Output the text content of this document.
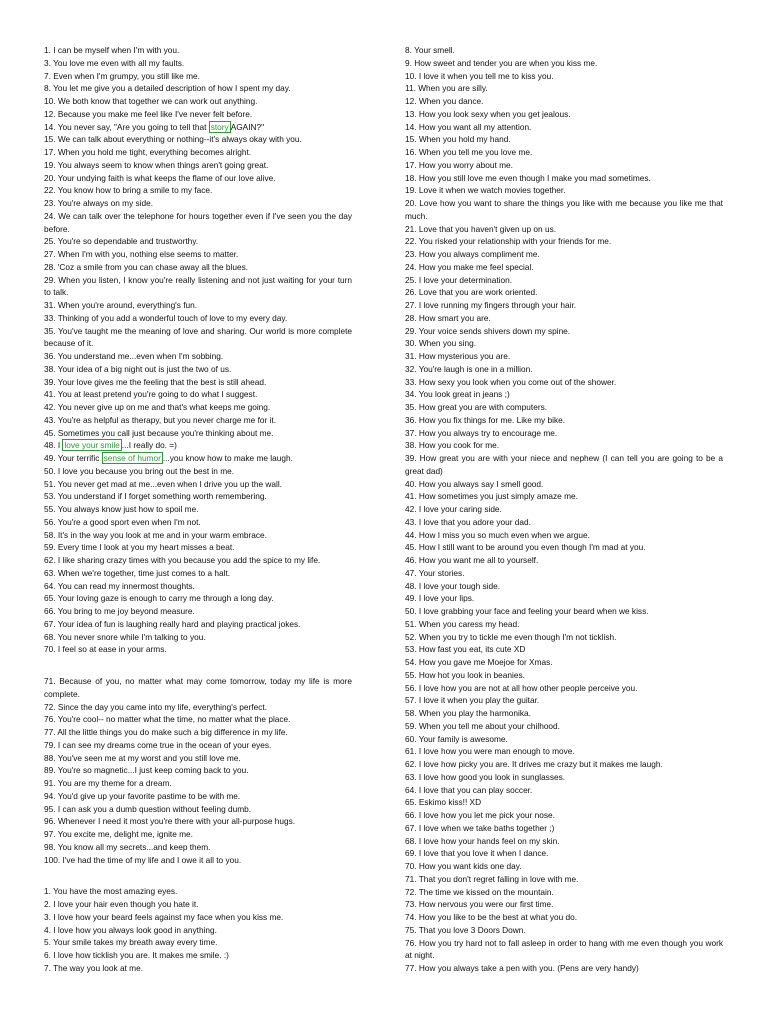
1. I can be myself when I'm with you.
3. You love me even with all my faults.
7. Even when I'm grumpy, you still like me.
8. You let me give you a detailed description of how I spent my day.
10. We both know that together we can work out anything.
12. Because you make me feel like I've never felt before.
14. You never say, "Are you going to tell that story AGAIN?"
15. We can talk about everything or nothing--it's always okay with you.
17. When you hold me tight, everything becomes alright.
19. You always seem to know when things aren't going great.
20. Your undying faith is what keeps the flame of our love alive.
22. You know how to bring a smile to my face.
23. You're always on my side.
24. We can talk over the telephone for hours together even if I've seen you the day before.
25. You're so dependable and trustworthy.
27. When I'm with you, nothing else seems to matter.
28. 'Coz a smile from you can chase away all the blues.
29. When you listen, I know you're really listening and not just waiting for your turn to talk.
31. When you're around, everything's fun.
33. Thinking of you add a wonderful touch of love to my every day.
35. You've taught me the meaning of love and sharing. Our world is more complete because of it.
36. You understand me...even when I'm sobbing.
38. Your idea of a big night out is just the two of us.
39. Your love gives me the feeling that the best is still ahead.
41. You at least pretend you're going to do what I suggest.
42. You never give up on me and that's what keeps me going.
43. You're as helpful as therapy, but you never charge me for it.
45. Sometimes you call just because you're thinking about me.
48. I love your smile ...I really do. =)
49. Your terrific sense of humor ...you know how to make me laugh.
50. I love you because you bring out the best in me.
51. You never get mad at me...even when I drive you up the wall.
53. You understand if I forget something worth remembering.
55. You always know just how to spoil me.
56. You're a good sport even when I'm not.
58. It's in the way you look at me and in your warm embrace.
59. Every time I look at you my heart misses a beat.
62. I like sharing crazy times with you because you add the spice to my life.
63. When we're together, time just comes to a halt.
64. You can read my innermost thoughts.
65. Your loving gaze is enough to carry me through a long day.
66. You bring to me joy beyond measure.
67. Your idea of fun is laughing really hard and playing practical jokes.
68. You never snore while I'm talking to you.
70. I feel so at ease in your arms.
71. Because of you, no matter what may come tomorrow, today my life is more complete.
72. Since the day you came into my life, everything's perfect.
76. You're cool-- no matter what the time, no matter what the place.
77. All the little things you do make such a big difference in my life.
79. I can see my dreams come true in the ocean of your eyes.
88. You've seen me at my worst and you still love me.
89. You're so magnetic...I just keep coming back to you.
91. You are my theme for a dream.
94. You'd give up your favorite pastime to be with me.
95. I can ask you a dumb question without feeling dumb.
96. Whenever I need it most you're there with your all-purpose hugs.
97. You excite me, delight me, ignite me.
98. You know all my secrets...and keep them.
100. I've had the time of my life and I owe it all to you.
1. You have the most amazing eyes.
2. I love your hair even though you hate it.
3. I love how your beard feels against my face when you kiss me.
4. I love how you always look good in anything.
5. Your smile takes my breath away every time.
6. I love how ticklish you are. It makes me smile. :)
7. The way you look at me.
8. Your smell.
9. How sweet and tender you are when you kiss me.
10. I love it when you tell me to kiss you.
11. When you are silly.
12. When you dance.
13. How you look sexy when you get jealous.
14. How you want all my attention.
15. When you hold my hand.
16. When you tell me you love me.
17. How you worry about me.
18. How you still love me even though I make you mad sometimes.
19. Love it when we watch movies together.
20. Love how you want to share the things you like with me because you like me that much.
21. Love that you haven't given up on us.
22. You risked your relationship with your friends for me.
23. How you always compliment me.
24. How you make me feel special.
25. I love your determination.
26. Love that you are work oriented.
27. I love running my fingers through your hair.
28. How smart you are.
29. Your voice sends shivers down my spine.
30. When you sing.
31. How mysterious you are.
32. You're laugh is one in a million.
33. How sexy you look when you come out of the shower.
34. You look great in jeans ;)
35. How great you are with computers.
36. How you fix things for me. Like my bike.
37. How you always try to encourage me.
38. How you cook for me.
39. How great you are with your niece and nephew (I can tell you are going to be a great dad)
40. How you always say I smell good.
41. How sometimes you just simply amaze me.
42. I love your caring side.
43. I love that you adore your dad.
44. How I miss you so much even when we argue.
45. How I still want to be around you even though I'm mad at you.
46. How you want me all to yourself.
47. Your stories.
48. I love your tough side.
49. I love your lips.
50. I love grabbing your face and feeling your beard when we kiss.
51. When you caress my head.
52. When you try to tickle me even though I'm not ticklish.
53. How fast you eat, its cute XD
54. How you gave me Moejoe for Xmas.
55. How hot you look in beanies.
56. I love how you are not at all how other people perceive you.
57. I love it when you play the guitar.
58. When you play the harmonika.
59. When you tell me about your chilhood.
60. Your family is awesome.
61. I love how you were man enough to move.
62. I love how picky you are. It drives me crazy but it makes me laugh.
63. I love how good you look in sunglasses.
64. I love that you can play soccer.
65. Eskimo kiss!! XD
66. I love how you let me pick your nose.
67. I love when we take baths together ;)
68. I love how your hands feel on my skin.
69. I love that you love it when I dance.
70. How you want kids one day.
71. That you don't regret falling in love with me.
72. The time we kissed on the mountain.
73. How nervous you were our first time.
74. How you like to be the best at what you do.
75. That you love 3 Doors Down.
76. How you try hard not to fall asleep in order to hang with me even though you work at night.
77. How you always take a pen with you. (Pens are very handy)
